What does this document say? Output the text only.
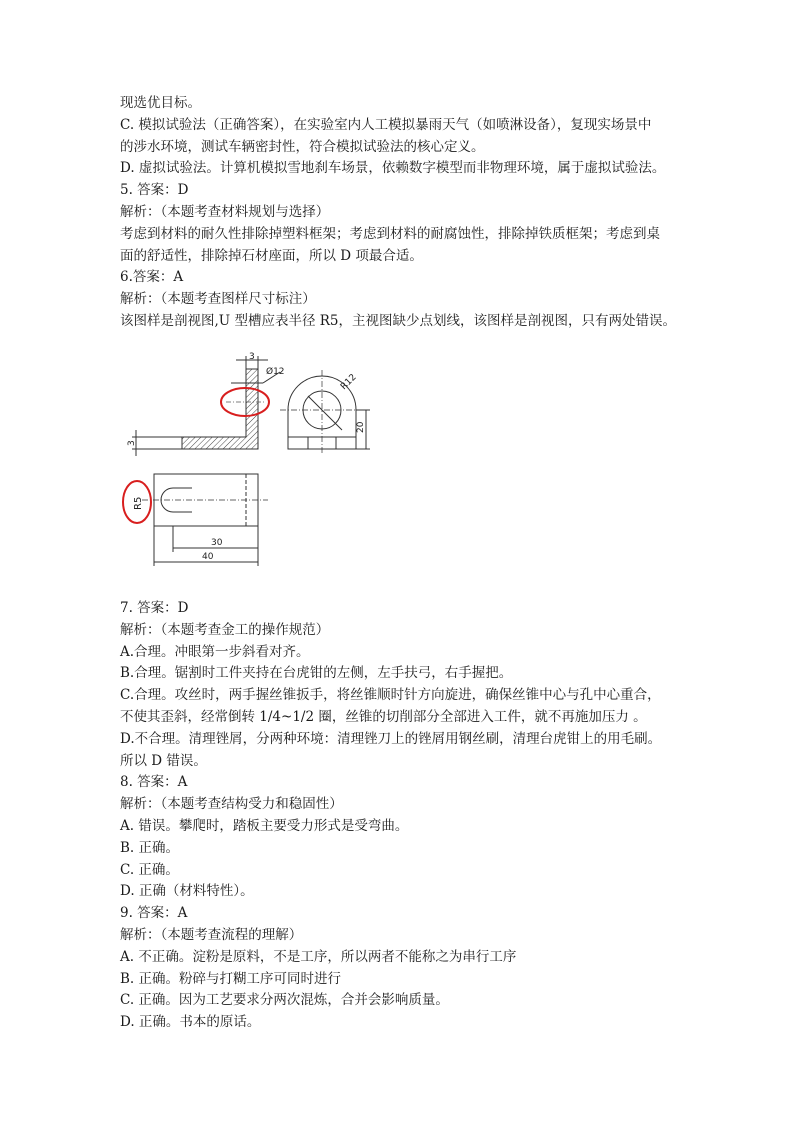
现选优目标。

C. 模拟试验法（正确答案），在实验室内人工模拟暴雨天气（如喷淋设备），复现实场景中

的涉水环境，测试车辆密封性，符合模拟试验法的核心定义。

D. 虚拟试验法。计算机模拟雪地刹车场景，依赖数字模型而非物理环境，属于虚拟试验法。

5. 答案：D

解析：（本题考查材料规划与选择）

考虑到材料的耐久性排除掉塑料框架；考虑到材料的耐腐蚀性，排除掉铁质框架；考虑到桌

面的舒适性，排除掉石材座面，所以 D 项最合适。

6.答案：A

解析：（本题考查图样尺寸标注）

该图样是剖视图,U 型槽应表半径 R5，主视图缺少点划线，该图样是剖视图，只有两处错误。

3
Ø12
3
R12
20
30
40
R5

7. 答案：D

解析：（本题考查金工的操作规范）

A.合理。冲眼第一步斜看对齐。

B.合理。锯割时工件夹持在台虎钳的左侧，左手扶弓，右手握把。

C.合理。攻丝时，两手握丝锥扳手，将丝锥顺时针方向旋进，确保丝锥中心与孔中心重合，

不使其歪斜，经常倒转 1/4~1/2 圈，丝锥的切削部分全部进入工件，就不再施加压力 。

D.不合理。清理锉屑，分两种环境：清理锉刀上的锉屑用钢丝刷，清理台虎钳上的用毛刷。

所以 D 错误。

8. 答案：A

解析：（本题考查结构受力和稳固性）

A. 错误。攀爬时，踏板主要受力形式是受弯曲。

B. 正确。

C. 正确。

D. 正确（材料特性）。

9. 答案：A

解析：（本题考查流程的理解）

A. 不正确。淀粉是原料，不是工序，所以两者不能称之为串行工序

B. 正确。粉碎与打糊工序可同时进行

C. 正确。因为工艺要求分两次混炼，合并会影响质量。

D. 正确。书本的原话。
